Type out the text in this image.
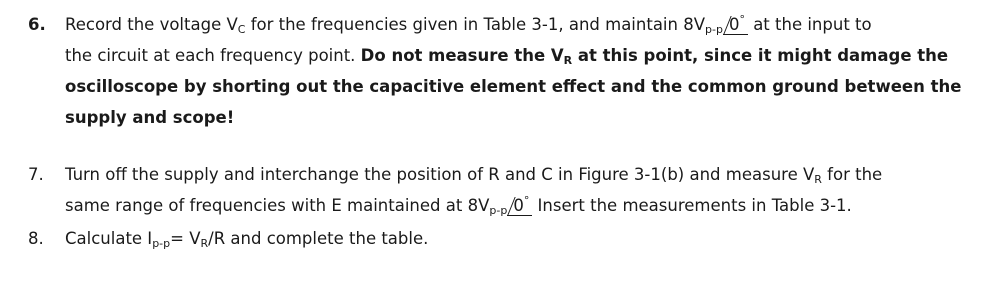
6.	Record the voltage $V_C$ for the frequencies given in Table 3-1, and maintain $8V_{p-p}$ 0° at the input to
the circuit at each frequency point. Do not measure the $V_R$ at this point, since it might damage the
oscilloscope by shorting out the capacitive element effect and the common ground between the
supply and scope!
7.	Turn off the supply and interchange the position of R and C in Figure 3-1(b) and measure $V_R$ for the
same range of frequencies with E maintained at $8V_{p-p}$ 0° Insert the measurements in Table 3-1.
8.	Calculate $I_{p-p}= V_R/R$ and complete the table.
